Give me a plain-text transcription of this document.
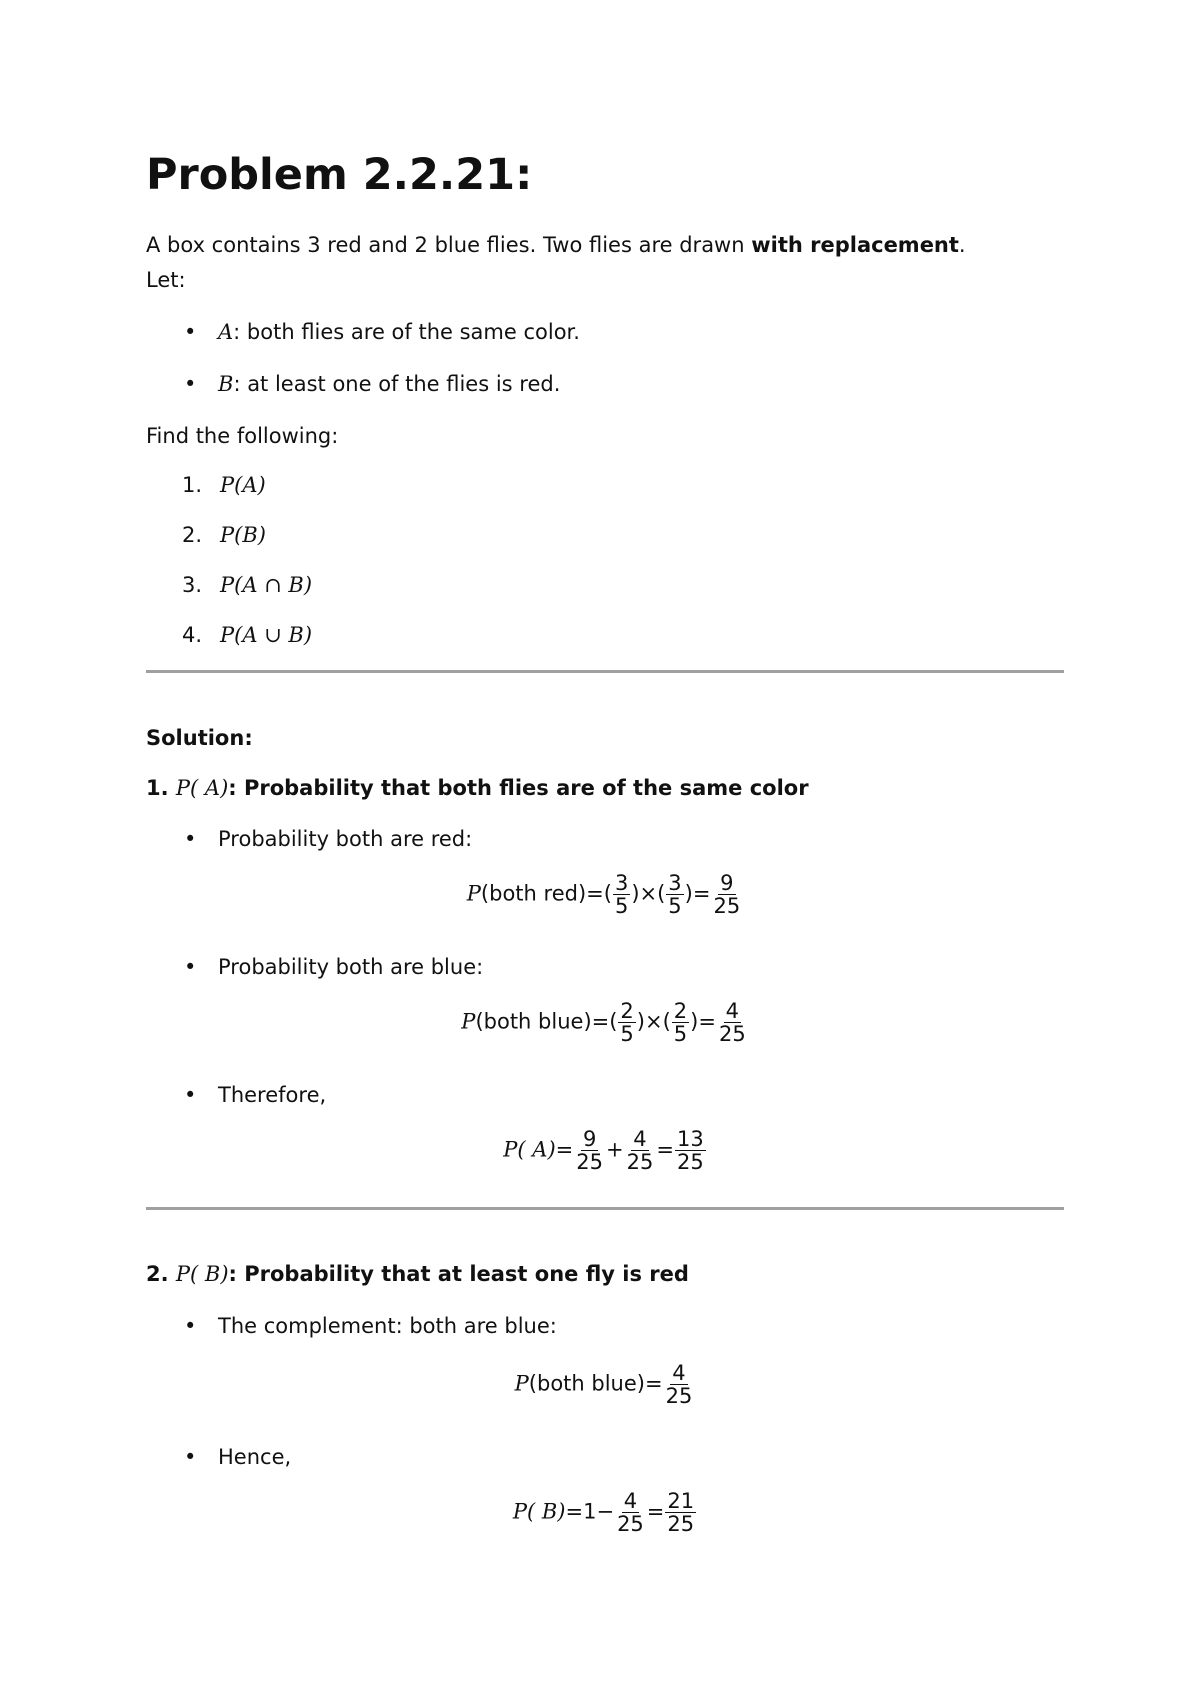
Problem 2.2.21:
A box contains 3 red and 2 blue flies. Two flies are drawn with replacement.
Let:
• A: both flies are of the same color.
• B: at least one of the flies is red.
Find the following:
1. P(A)
2. P(B)
3. P(A ∩ B)
4. P(A ∪ B)
Solution:
1. P( A): Probability that both flies are of the same color
• Probability both are red:
P(both $red)=( \frac{3}{5}$ )×( $\frac{3}{5}$ )= $\frac{9}{25}$
• Probability both are blue:
P(both blue)=( $\frac{2}{5}$ )×( $\frac{2}{5}$ )= $\frac{4}{25}$
• Therefore,
P( $A)= \frac{9}{25} + \frac{4}{25} = \frac{13}{25}$
2. P( B): Probability that at least one fly is red
• The complement: both are blue:
P(both blue)= $\frac{4}{25}$
• Hence,
P( $B)=1- \frac{4}{25} = \frac{21}{25}$
